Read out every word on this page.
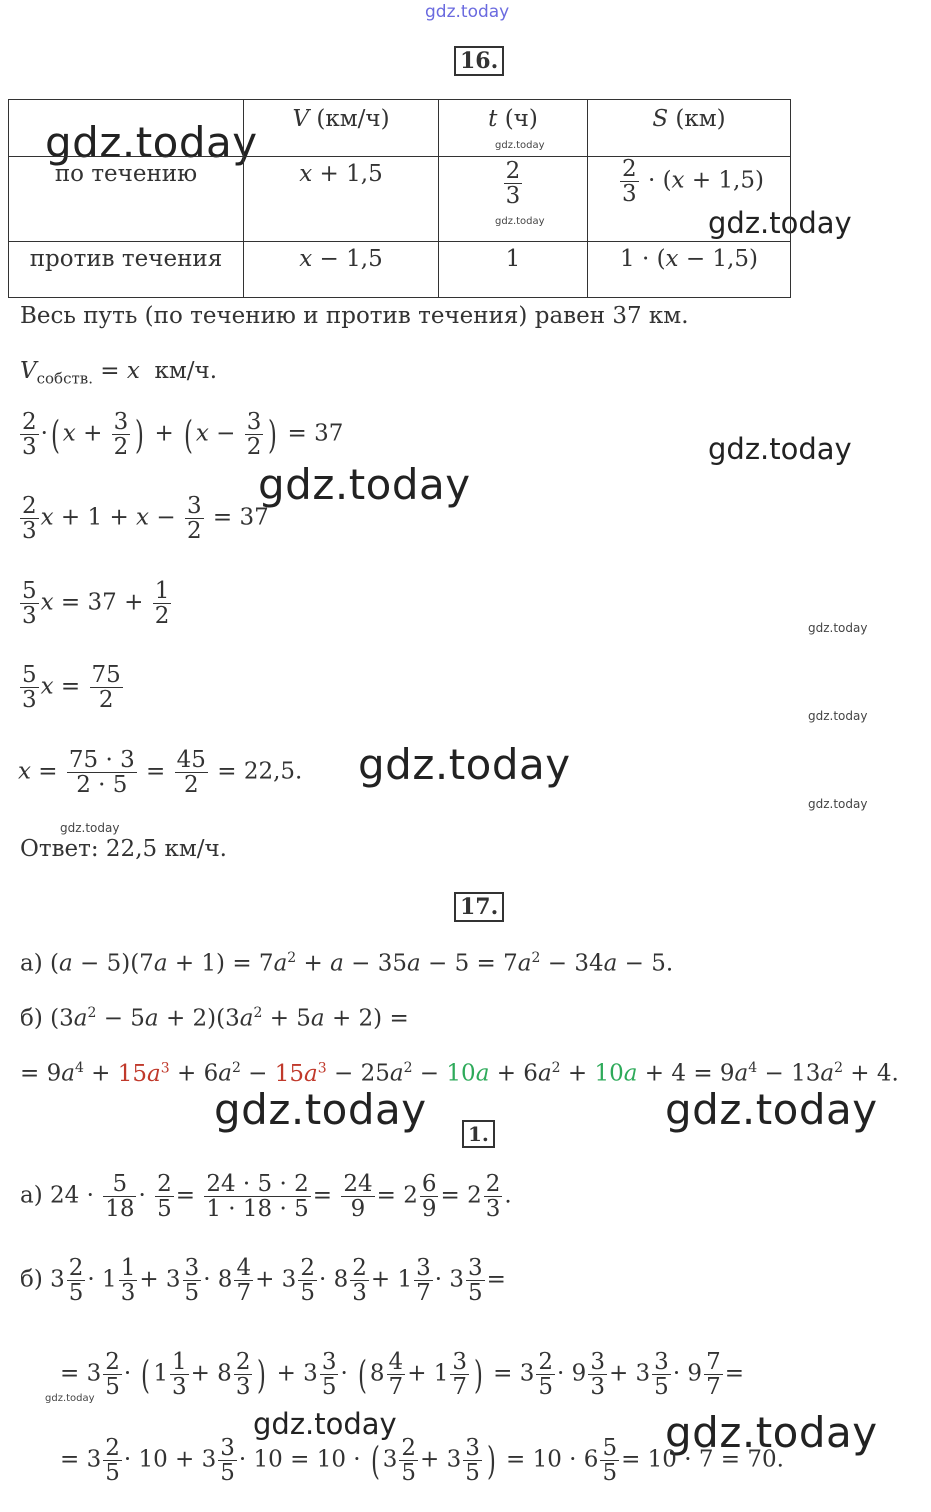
gdz.today
gdz.today	gdz.today
gdz.today	gdz.today
gdz.today
gdz.today
gdz.today
gdz.today
gdz.today
gdz.today
gdz.today
gdz.today	gdz.today
gdz.today
gdz.today	gdz.today
16.
	V (км/ч)	t (ч)	S (км)
по течению	x + 1,5	$\frac{2}{3}$	$\frac{2}{3} \cdot (x + 1,5)$
против течения	x − 1,5	1	1 · (x − 1,5)
Весь путь (по течению и против течения) равен 37 км.
$V_{собств.} = x$  км/ч.
$\frac{2}{3}$ ·( $x + \frac{3}{2}$ ) + ( $x - \frac{3}{2}$ ) = 37
$\frac{2}{3}$ $x + 1 + x - \frac{3}{2} = 37$
$\frac{5}{3}$ $x = 37 + \frac{1}{2}$
$\frac{5}{3}$ $x = \frac{75}{2}$
$x = \frac{75 \cdot 3}{2 \cdot 5} = \frac{45}{2} = 22,5$.
Ответ: 22,5 км/ч.
17.
а) $(a - 5)(7a + 1) = 7a^2 + a - 35a - 5 = 7a^2 - 34a - 5$.
б) $(3a^2 - 5a + 2)(3a^2 + 5a + 2)$ =
= $9a^4 + 15a^3 + 6a^2 - 15a^3 - 25a^2 - 10a + 6a^2 + 10a + 4 = 9a^4 - 13a^2 + 4$.
1.
а) $24 \cdot \frac{5}{18} \cdot \frac{2}{5} = \frac{24 \cdot 5 \cdot 2}{1 \cdot 18 \cdot 5} = \frac{24}{9} = 2 \frac{6}{9} = 2 \frac{2}{3}$ .
б) $3 \frac{2}{5} \cdot 1 \frac{1}{3} + 3 \frac{3}{5} \cdot 8 \frac{4}{7} + 3 \frac{2}{5} \cdot 8 \frac{2}{3} + 1 \frac{3}{7} \cdot 3 \frac{3}{5}$ =
= $3 \frac{2}{5}$ · ( $1 \frac{1}{3} + 8 \frac{2}{3}$ ) + $3 \frac{3}{5}$ · ( $8 \frac{4}{7} + 1 \frac{3}{7}$ ) = $3 \frac{2}{5} \cdot 9 \frac{3}{3} + 3 \frac{3}{5} \cdot 9 \frac{7}{7}$ =
= $3 \frac{2}{5} \cdot 10 + 3 \frac{3}{5} \cdot 10 = 10$ · ( $3 \frac{2}{5} + 3 \frac{3}{5}$ ) = $10 \cdot 6 \frac{5}{5} = 10 \cdot 7 = 70$.
